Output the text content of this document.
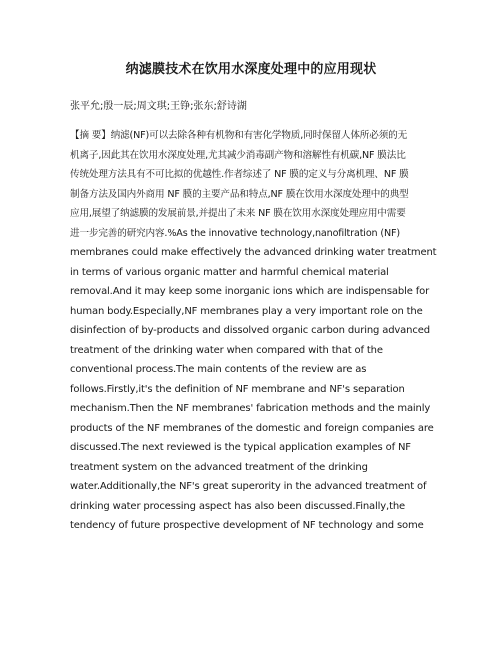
纳滤膜技术在饮用水深度处理中的应用现状
张平允;殷一辰;周文琪;王铮;张东;舒诗湖
【摘 要】纳滤(NF)可以去除各种有机物和有害化学物质,同时保留人体所必须的无
机离子,因此其在饮用水深度处理,尤其减少消毒副产物和溶解性有机碳,NF 膜法比
传统处理方法具有不可比拟的优越性.作者综述了 NF 膜的定义与分离机理、NF 膜
制备方法及国内外商用 NF 膜的主要产品和特点,NF 膜在饮用水深度处理中的典型
应用,展望了纳滤膜的发展前景,并提出了未来 NF 膜在饮用水深度处理应用中需要
进一步完善的研究内容.%As the innovative technology,nanofiltration (NF)
membranes could make effectively the advanced drinking water treatment
in terms of various organic matter and harmful chemical material
removal.And it may keep some inorganic ions which are indispensable for
human body.Especially,NF membranes play a very important role on the
disinfection of by-products and dissolved organic carbon during advanced
treatment of the drinking water when compared with that of the
conventional process.The main contents of the review are as
follows.Firstly,it's the definition of NF membrane and NF's separation
mechanism.Then the NF membranes' fabrication methods and the mainly
products of the NF membranes of the domestic and foreign companies are
discussed.The next reviewed is the typical application examples of NF
treatment system on the advanced treatment of the drinking
water.Additionally,the NF's great superority in the advanced treatment of
drinking water processing aspect has also been discussed.Finally,the
tendency of future prospective development of NF technology and some
